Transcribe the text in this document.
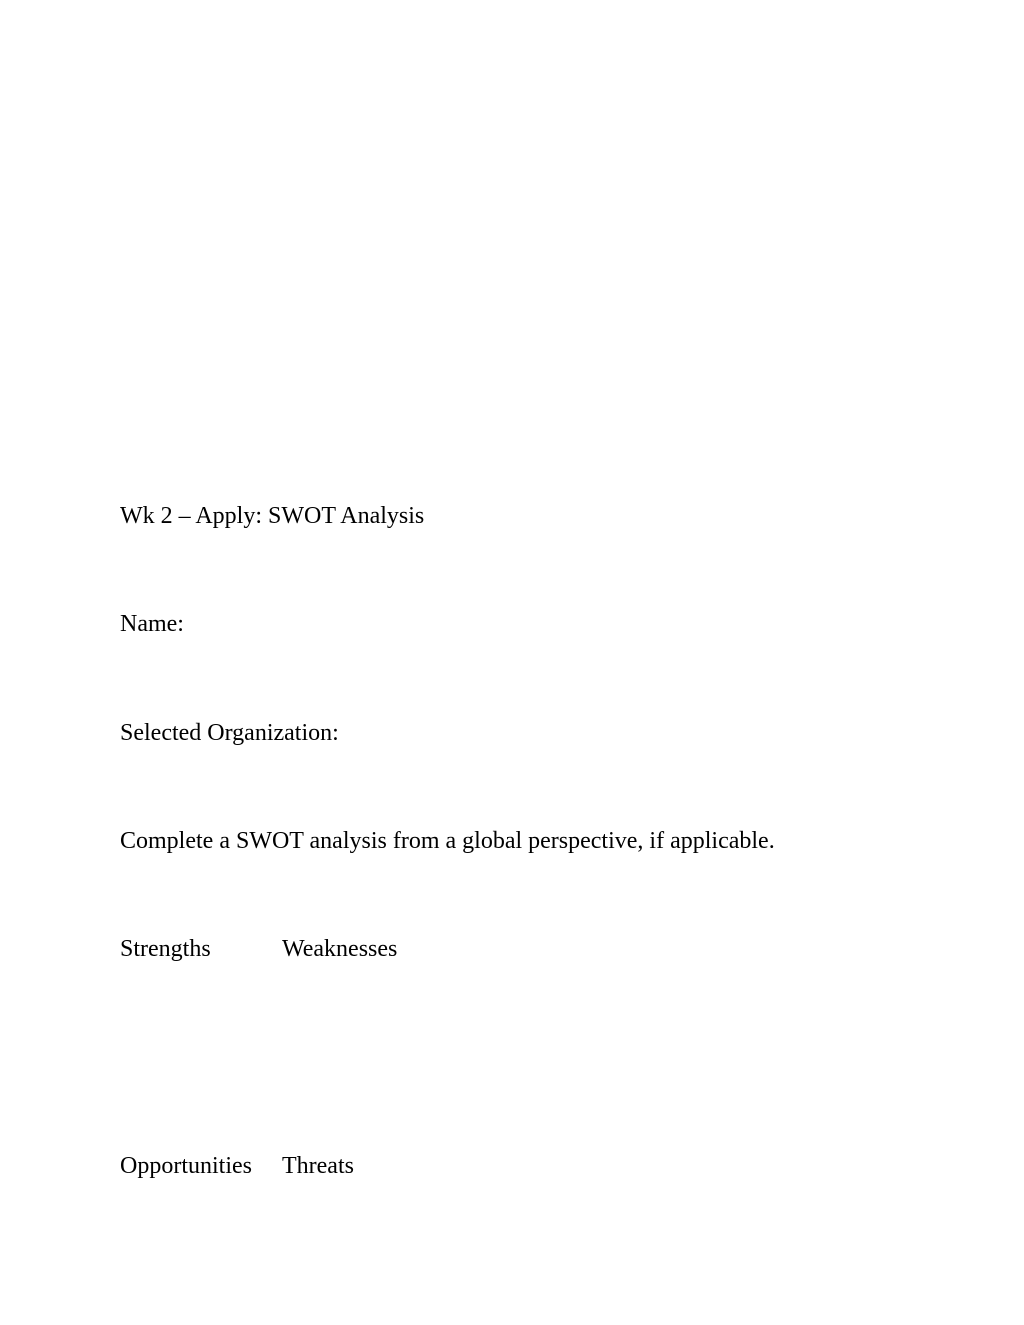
Wk 2 – Apply: SWOT Analysis

Name:

Selected Organization:

Complete a SWOT analysis from a global perspective, if applicable.

Strengths	Weaknesses
Opportunities Threats
